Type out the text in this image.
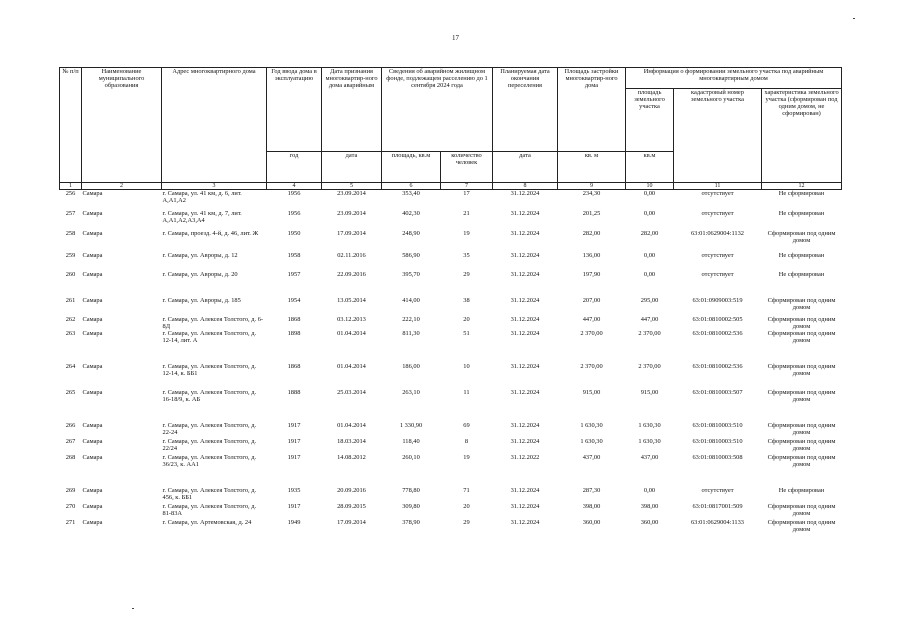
17
№ п/п	Наименование муниципального образования	Адрес многоквартирного дома	Год ввода дома в эксплуатацию	Дата признания многоквартир-ного дома аварийным	Сведения об аварийном жилищном фонде, подлежащем расселению до 1 сентября 2024 года		Планируемая дата окончания переселения	Площадь застройки многоквартир-ного дома	Информация о формировании земельного участка под аварийным многоквартирным домом		
									площадь земельного участка	кадастровый номер земельного участка	характеристика земельного участка (сформирован под одним домом, не сформирован)
			год	дата	площадь, кв.м	количество человек	дата	кв. м	кв.м		
1	2	3	4	5	6	7	8	9	10	11	12
256	Самара	г. Самара, ул. 41 км, д. 6, лит. А,А1,А2	1956	23.09.2014	353,40	17	31.12.2024	234,30	0,00	отсутствует	Не сформирован
257	Самара	г. Самара, ул. 41 км, д. 7, лит. А,А1,А2,А3,А4	1956	23.09.2014	402,30	21	31.12.2024	201,25	0,00	отсутствует	Не сформирован
258	Самара	г. Самара, проезд. 4-й, д. 46, лит. Ж	1950	17.09.2014	248,90	19	31.12.2024	282,00	282,00	63:01:0629004:1132	Сформирован под одним домом
259	Самара	г. Самара, ул. Авроры, д. 12	1958	02.11.2016	586,90	35	31.12.2024	136,00	0,00	отсутствует	Не сформирован
260	Самара	г. Самара, ул. Авроры, д. 20	1957	22.09.2016	395,70	29	31.12.2024	197,90	0,00	отсутствует	Не сформирован
261	Самара	г. Самара, ул. Авроры, д. 185	1954	13.05.2014	414,00	38	31.12.2024	207,00	295,00	63:01:0909003:519	Сформирован под одним домом
262	Самара	г. Самара, ул. Алексея Толстого, д. 6-8Д	1868	03.12.2013	222,10	20	31.12.2024	447,00	447,00	63:01:0810002:505	Сформирован под одним домом
263	Самара	г. Самара, ул. Алексея Толстого, д. 12-14, лит. А	1898	01.04.2014	811,30	51	31.12.2024	2 370,00	2 370,00	63:01:0810002:536	Сформирован под одним домом
264	Самара	г. Самара, ул. Алексея Толстого, д. 12-14, к. ББ1	1868	01.04.2014	186,00	10	31.12.2024	2 370,00	2 370,00	63:01:0810002:536	Сформирован под одним домом
265	Самара	г. Самара, ул. Алексея Толстого, д. 16-18/9, к. АБ	1888	25.03.2014	263,10	11	31.12.2024	915,00	915,00	63:01:0810003:507	Сформирован под одним домом
266	Самара	г. Самара, ул. Алексея Толстого, д. 22-24	1917	01.04.2014	1 330,90	69	31.12.2024	1 630,30	1 630,30	63:01:0810003:510	Сформирован под одним домом
267	Самара	г. Самара, ул. Алексея Толстого, д. 22/24	1917	18.03.2014	118,40	8	31.12.2024	1 630,30	1 630,30	63:01:0810003:510	Сформирован под одним домом
268	Самара	г. Самара, ул. Алексея Толстого, д. 36/23, к. АА1	1917	14.08.2012	260,10	19	31.12.2022	437,00	437,00	63:01:0810003:508	Сформирован под одним домом
269	Самара	г. Самара, ул. Алексея Толстого, д. 456, к. ББ1	1935	20.09.2016	778,80	71	31.12.2024	287,30	0,00	отсутствует	Не сформирован
270	Самара	г. Самара, ул. Алексея Толстого, д. 81-83А	1917	28.09.2015	309,80	20	31.12.2024	398,00	398,00	63:01:0817001:509	Сформирован под одним домом
271	Самара	г. Самара, ул. Артемовская, д. 24	1949	17.09.2014	378,90	29	31.12.2024	360,00	360,00	63:01:0629004:1133	Сформирован под одним домом
